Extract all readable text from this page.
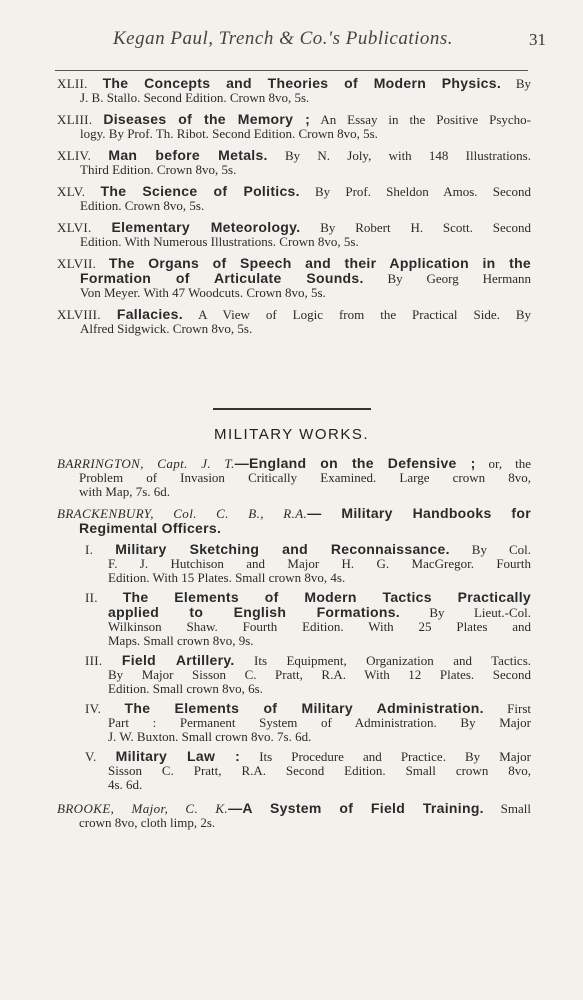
Kegan Paul, Trench & Co.'s Publications.	31
XLII. The Concepts and Theories of Modern Physics. By
J. B. Stallo. Second Edition. Crown 8vo, 5s.
XLIII. Diseases of the Memory ; An Essay in the Positive Psycho-
logy. By Prof. Th. Ribot. Second Edition. Crown 8vo, 5s.
XLIV. Man before Metals. By N. Joly, with 148 Illustrations.
Third Edition. Crown 8vo, 5s.
XLV. The Science of Politics. By Prof. Sheldon Amos. Second
Edition. Crown 8vo, 5s.
XLVI. Elementary Meteorology. By Robert H. Scott. Second
Edition. With Numerous Illustrations. Crown 8vo, 5s.
XLVII. The Organs of Speech and their Application in the
Formation of Articulate Sounds. By Georg Hermann
Von Meyer. With 47 Woodcuts. Crown 8vo, 5s.
XLVIII. Fallacies. A View of Logic from the Practical Side. By
Alfred Sidgwick. Crown 8vo, 5s.
MILITARY WORKS.
BARRINGTON, Capt. J. T.—England on the Defensive ; or, the
Problem of Invasion Critically Examined. Large crown 8vo,
with Map, 7s. 6d.
BRACKENBURY, Col. C. B., R.A.— Military Handbooks for
Regimental Officers.
I. Military Sketching and Reconnaissance. By Col.
F. J. Hutchison and Major H. G. MacGregor. Fourth
Edition. With 15 Plates. Small crown 8vo, 4s.
II. The Elements of Modern Tactics Practically
applied to English Formations. By Lieut.-Col.
Wilkinson Shaw. Fourth Edition. With 25 Plates and
Maps. Small crown 8vo, 9s.
III. Field Artillery. Its Equipment, Organization and Tactics.
By Major Sisson C. Pratt, R.A. With 12 Plates. Second
Edition. Small crown 8vo, 6s.
IV. The Elements of Military Administration. First
Part : Permanent System of Administration. By Major
J. W. Buxton. Small crown 8vo. 7s. 6d.
V. Military Law : Its Procedure and Practice. By Major
Sisson C. Pratt, R.A. Second Edition. Small crown 8vo,
4s. 6d.
BROOKE, Major, C. K.—A System of Field Training. Small
crown 8vo, cloth limp, 2s.
